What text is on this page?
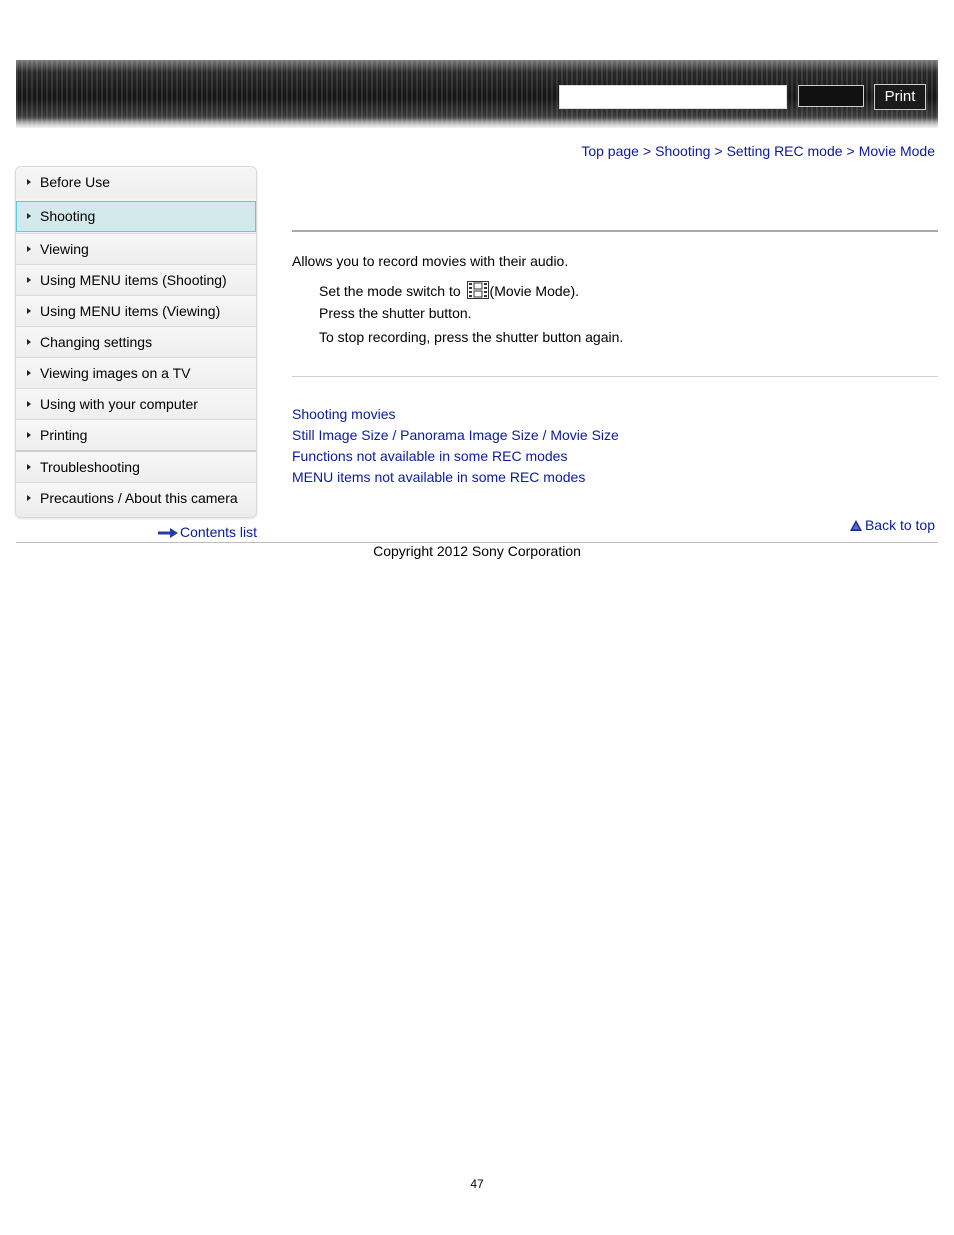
Print
Top page > Shooting > Setting REC mode > Movie Mode
Before Use
Shooting
Viewing
Using MENU items (Shooting)
Using MENU items (Viewing)
Changing settings
Viewing images on a TV
Using with your computer
Printing
Troubleshooting
Precautions / About this camera
Contents list
Allows you to record movies with their audio.
Set the mode switch to (Movie Mode).
Press the shutter button.
To stop recording, press the shutter button again.
Shooting movies
Still Image Size / Panorama Image Size / Movie Size
Functions not available in some REC modes
MENU items not available in some REC modes
Back to top
Copyright 2012 Sony Corporation
47
